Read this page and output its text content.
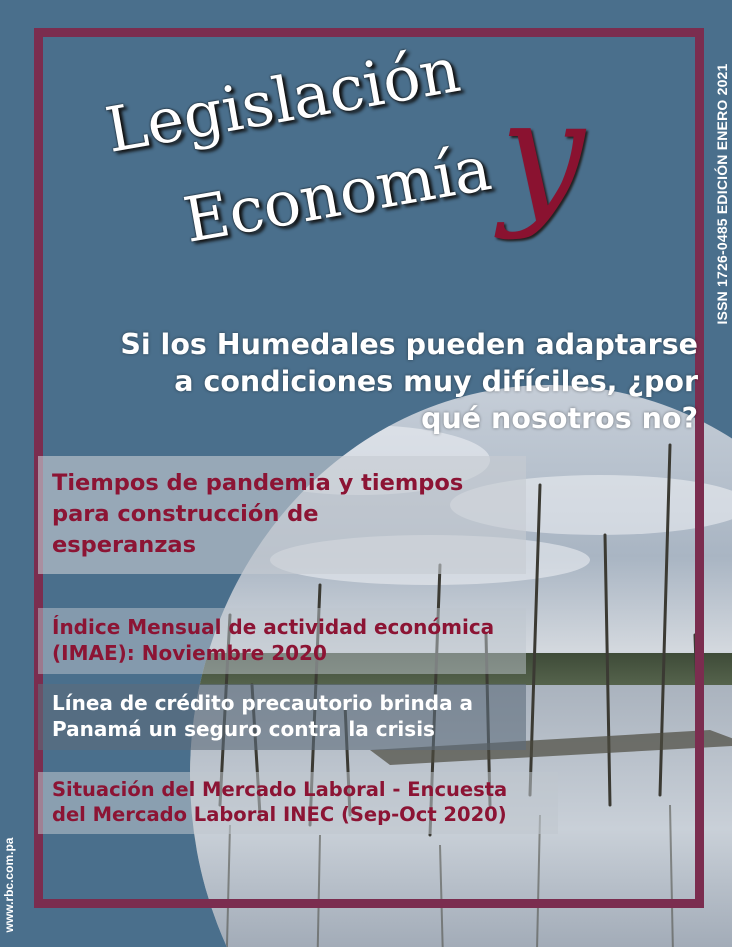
Legislación
Economía y	ISSN 1726-0485 EDICIÓN ENERO 2021
www.rbc.com.pa
Si los Humedales pueden adaptarse
a condiciones muy difíciles, ¿por
qué nosotros no?
Tiempos de pandemia y tiempos
para construcción de
esperanzas
Índice Mensual de actividad económica
(IMAE): Noviembre 2020
Línea de crédito precautorio brinda a
Panamá un seguro contra la crisis
Situación del Mercado Laboral - Encuesta
del Mercado Laboral INEC (Sep-Oct 2020)
